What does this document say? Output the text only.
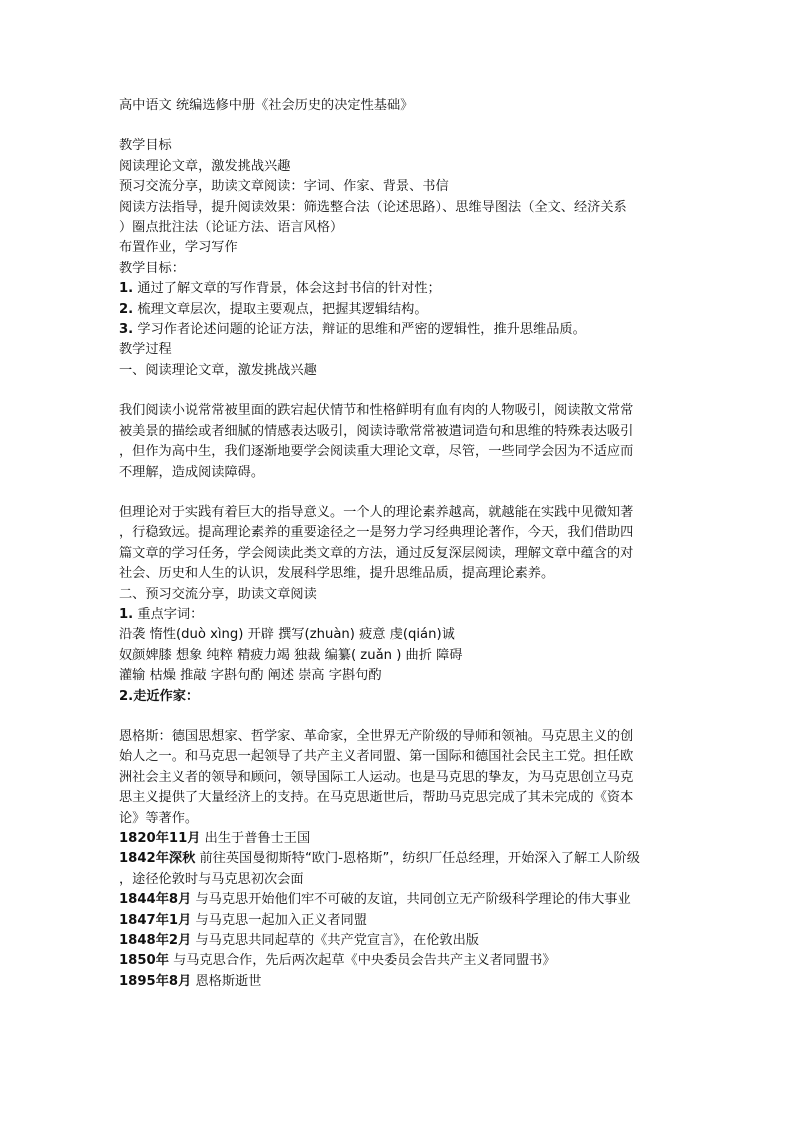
高中语文 统编选修中册《社会历史的决定性基础》
教学目标
阅读理论文章，激发挑战兴趣
预习交流分享，助读文章阅读：字词、作家、背景、书信
阅读方法指导，提升阅读效果：筛选整合法（论述思路）、思维导图法（全文、经济关系
）圈点批注法（论证方法、语言风格）
布置作业，学习写作
教学目标：
1. 通过了解文章的写作背景，体会这封书信的针对性；
2. 梳理文章层次，提取主要观点，把握其逻辑结构。
3. 学习作者论述问题的论证方法，辩证的思维和严密的逻辑性，推升思维品质。
教学过程
一、阅读理论文章，激发挑战兴趣
我们阅读小说常常被里面的跌宕起伏情节和性格鲜明有血有肉的人物吸引，阅读散文常常
被美景的描绘或者细腻的情感表达吸引，阅读诗歌常常被遣词造句和思维的特殊表达吸引
，但作为高中生，我们逐渐地要学会阅读重大理论文章，尽管，一些同学会因为不适应而
不理解，造成阅读障碍。
但理论对于实践有着巨大的指导意义。一个人的理论素养越高，就越能在实践中见微知著
，行稳致远。提高理论素养的重要途径之一是努力学习经典理论著作，今天，我们借助四
篇文章的学习任务，学会阅读此类文章的方法，通过反复深层阅读，理解文章中蕴含的对
社会、历史和人生的认识，发展科学思维，提升思维品质，提高理论素养。
二、预习交流分享，助读文章阅读
1. 重点字词：
沿袭 惰性(duò xìng) 开辟 撰写(zhuàn) 疲意 虔(qián)诚
奴颜婢膝 想象 纯粹 精疲力竭 独裁 编纂( zuǎn ) 曲折 障碍
灌输 枯燥 推敲 字斟句酌 阐述 崇高 字斟句酌
2.走近作家：
恩格斯：德国思想家、哲学家、革命家，全世界无产阶级的导师和领袖。马克思主义的创
始人之一。和马克思一起领导了共产主义者同盟、第一国际和德国社会民主工党。担任欧
洲社会主义者的领导和顾问，领导国际工人运动。也是马克思的挚友，为马克思创立马克
思主义提供了大量经济上的支持。在马克思逝世后，帮助马克思完成了其未完成的《资本
论》等著作。
1820年11月 出生于普鲁士王国
1842年深秋 前往英国曼彻斯特“欧门-恩格斯”，纺织厂任总经理，开始深入了解工人阶级
，途径伦敦时与马克思初次会面
1844年8月 与马克思开始他们牢不可破的友谊，共同创立无产阶级科学理论的伟大事业
1847年1月 与马克思一起加入正义者同盟
1848年2月 与马克思共同起草的《共产党宣言》，在伦敦出版
1850年 与马克思合作，先后两次起草《中央委员会告共产主义者同盟书》
1895年8月 恩格斯逝世
